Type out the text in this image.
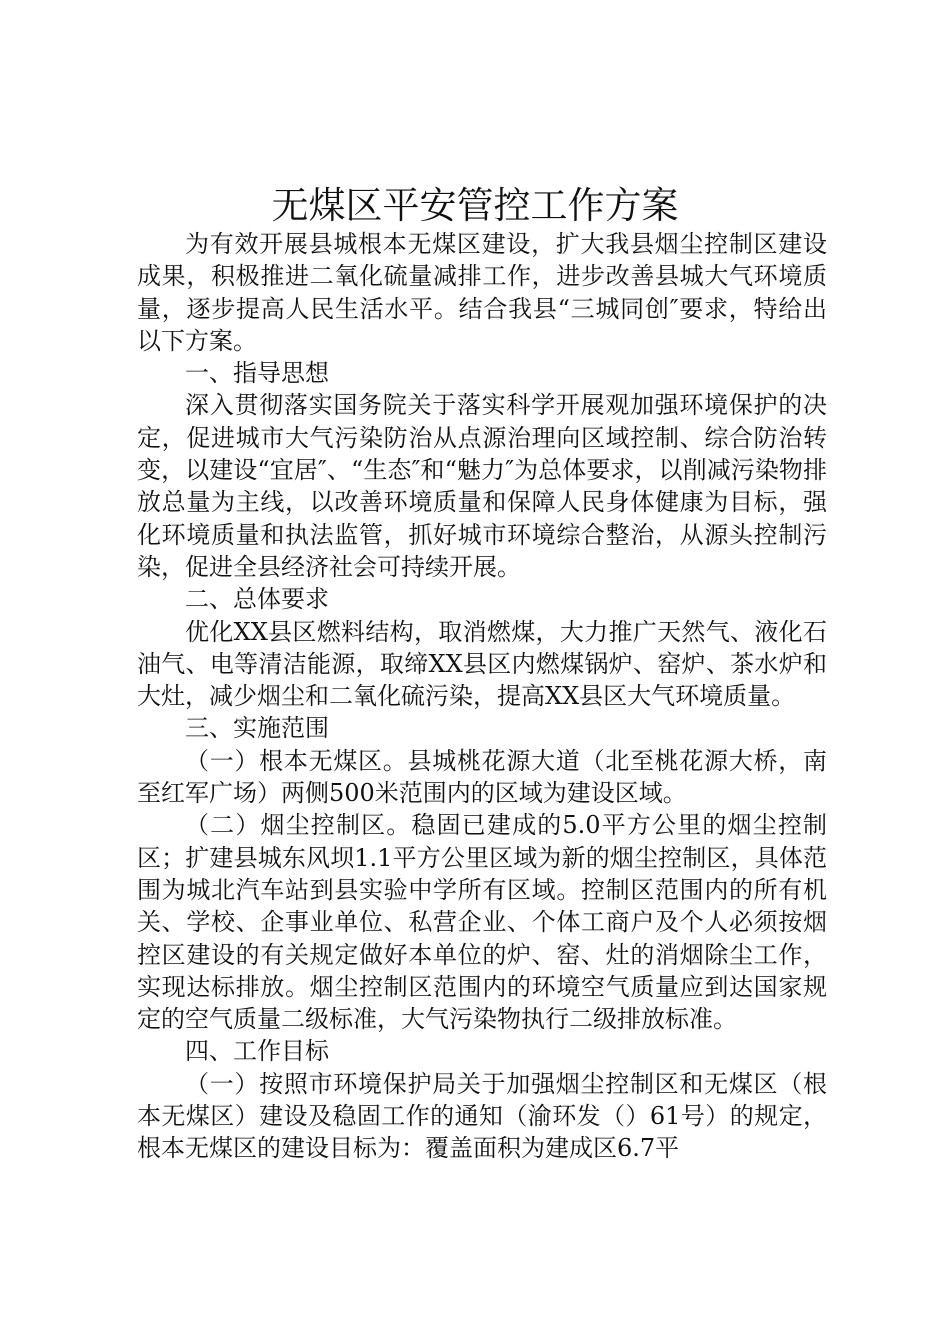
无煤区平安管控工作方案

为有效开展县城根本无煤区建设，扩大我县烟尘控制区建设成果，积极推进二氧化硫量减排工作，进步改善县城大气环境质量，逐步提高人民生活水平。结合我县“三城同创″要求，特给出以下方案。

一、指导思想

深入贯彻落实国务院关于落实科学开展观加强环境保护的决定，促进城市大气污染防治从点源治理向区域控制、综合防治转变，以建设“宜居″、“生态″和“魅力″为总体要求，以削减污染物排放总量为主线，以改善环境质量和保障人民身体健康为目标，强化环境质量和执法监管，抓好城市环境综合整治，从源头控制污染，促进全县经济社会可持续开展。

二、总体要求

优化XX县区燃料结构，取消燃煤，大力推广天然气、液化石油气、电等清洁能源，取缔XX县区内燃煤锅炉、窑炉、茶水炉和大灶，减少烟尘和二氧化硫污染，提高XX县区大气环境质量。

三、实施范围

（一）根本无煤区。县城桃花源大道（北至桃花源大桥，南至红军广场）两侧500米范围内的区域为建设区域。

（二）烟尘控制区。稳固已建成的5.0平方公里的烟尘控制区；扩建县城东风坝1.1平方公里区域为新的烟尘控制区，具体范围为城北汽车站到县实验中学所有区域。控制区范围内的所有机关、学校、企事业单位、私营企业、个体工商户及个人必须按烟控区建设的有关规定做好本单位的炉、窑、灶的消烟除尘工作，实现达标排放。烟尘控制区范围内的环境空气质量应到达国家规定的空气质量二级标准，大气污染物执行二级排放标准。

四、工作目标

（一）按照市环境保护局关于加强烟尘控制区和无煤区（根本无煤区）建设及稳固工作的通知（渝环发（）61号）的规定，根本无煤区的建设目标为：覆盖面积为建成区6.7平
